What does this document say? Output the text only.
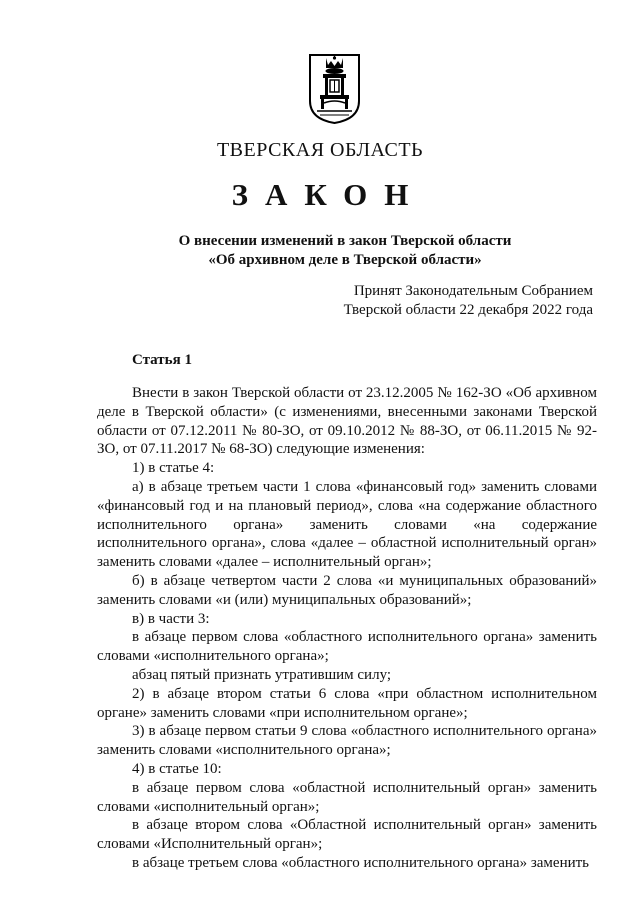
ТВЕРСКАЯ ОБЛАСТЬ
ЗАКОН
О внесении изменений в закон Тверской области
«Об архивном деле в Тверской области»
Принят Законодательным Собранием
Тверской области 22 декабря 2022 года
Статья 1

Внести в закон Тверской области от 23.12.2005 № 162-ЗО «Об архивном деле в Тверской области» (с изменениями, внесенными законами Тверской области от 07.12.2011 № 80-ЗО, от 09.10.2012 № 88-ЗО, от 06.11.2015 № 92-ЗО, от 07.11.2017 № 68-ЗО) следующие изменения:

1) в статье 4:

а) в абзаце третьем части 1 слова «финансовый год» заменить словами «финансовый год и на плановый период», слова «на содержание областного исполнительного органа» заменить словами «на содержание исполнительного органа», слова «далее – областной исполнительный орган» заменить словами «далее – исполнительный орган»;

б) в абзаце четвертом части 2 слова «и муниципальных образований» заменить словами «и (или) муниципальных образований»;

в) в части 3:

в абзаце первом слова «областного исполнительного органа» заменить словами «исполнительного органа»;

абзац пятый признать утратившим силу;

2) в абзаце втором статьи 6 слова «при областном исполнительном органе» заменить словами «при исполнительном органе»;

3) в абзаце первом статьи 9 слова «областного исполнительного органа» заменить словами «исполнительного органа»;

4) в статье 10:

в абзаце первом слова «областной исполнительный орган» заменить словами «исполнительный орган»;

в абзаце втором слова «Областной исполнительный орган» заменить словами «Исполнительный орган»;

в абзаце третьем слова «областного исполнительного органа» заменить
